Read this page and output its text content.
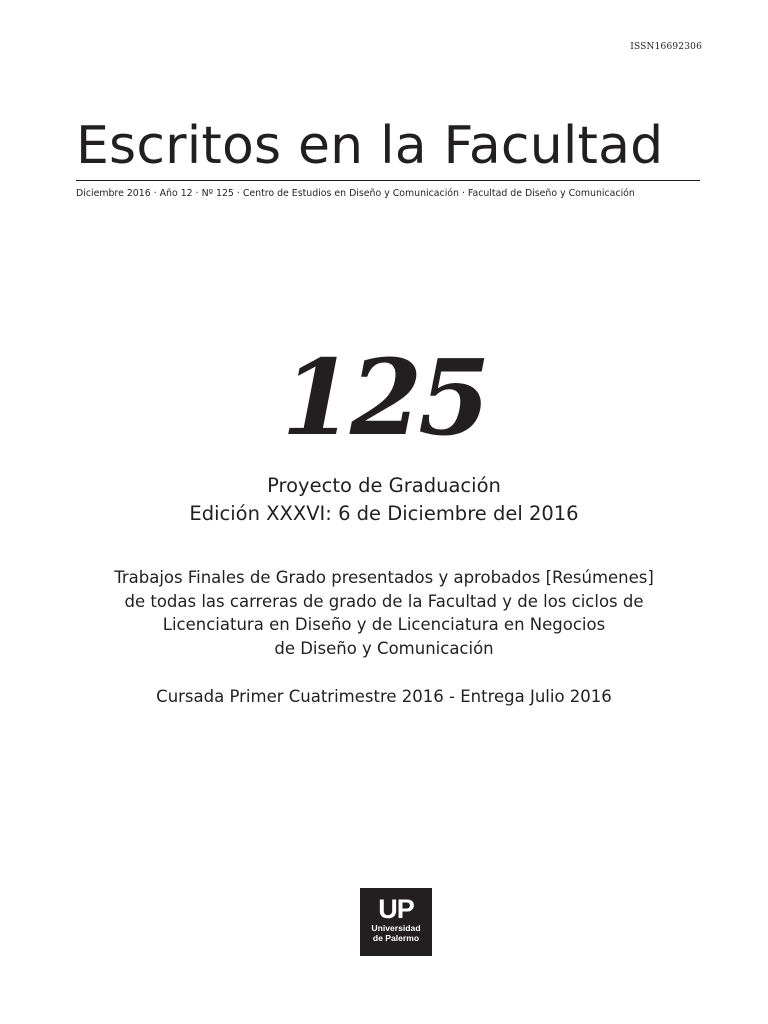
ISSN16692306
Escritos en la Facultad
Diciembre 2016 · Año 12 · Nº 125 · Centro de Estudios en Diseño y Comunicación · Facultad de Diseño y Comunicación
125
Proyecto de Graduación
Edición XXXVI: 6 de Diciembre del 2016
Trabajos Finales de Grado presentados y aprobados [Resúmenes]
de todas las carreras de grado de la Facultad y de los ciclos de
Licenciatura en Diseño y de Licenciatura en Negocios
de Diseño y Comunicación
Cursada Primer Cuatrimestre 2016 - Entrega Julio 2016
UP
Universidad
de Palermo
